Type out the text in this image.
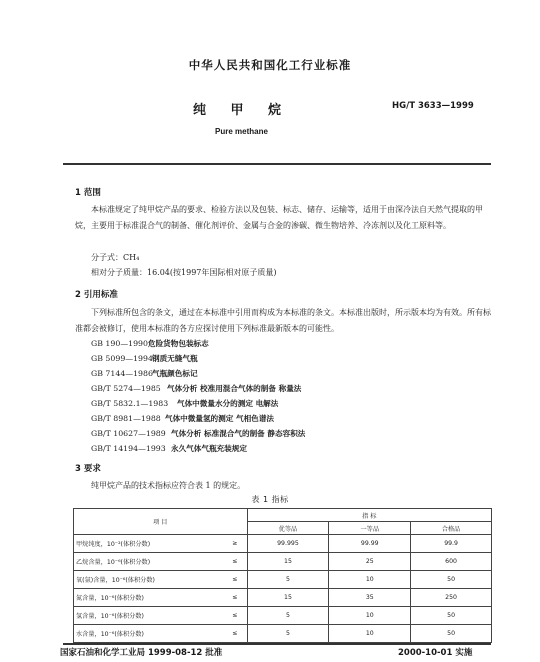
中华人民共和国化工行业标准
纯 甲 烷	HG/T 3633—1999
Pure methane
1 范围
本标准规定了纯甲烷产品的要求、检验方法以及包装、标志、储存、运输等，适用于由深冷法自天然气提取的甲烷，主要用于标准混合气的制备、催化剂评价、金属与合金的渗碳、微生物培养、冷冻剂以及化工原料等。
分子式：CH₄
相对分子质量：16.04(按1997年国际相对原子质量)
2 引用标准
下列标准所包含的条文，通过在本标准中引用而构成为本标准的条文。本标准出版时，所示版本均为有效。所有标准都会被修订，使用本标准的各方应探讨使用下列标准最新版本的可能性。
GB 190—1990危险货物包装标志
GB 5099—1994钢质无缝气瓶
GB 7144—1986气瓶颜色标记
GB/T 5274—1985 气体分析 校准用混合气体的制备 称量法
GB/T 5832.1—1983 气体中微量水分的测定 电解法
GB/T 8981—1988 气体中微量氢的测定 气相色谱法
GB/T 10627—1989 气体分析 标准混合气的制备 静态容积法
GB/T 14194—1993 永久气体气瓶充装规定
3 要求
纯甲烷产品的技术指标应符合表 1 的规定。
表 1 指标
项 目		指 标		
		优等品	一等品	合格品
甲烷纯度，10⁻²(体积分数)	≥	99.995	99.99	99.9
乙烷含量，10⁻⁶(体积分数)	≤	15	25	600
氧(氩)含量，10⁻⁶(体积分数)	≤	5	10	50
氮含量，10⁻⁶(体积分数)	≤	15	35	250
氢含量，10⁻⁶(体积分数)	≤	5	10	50
水含量，10⁻⁶(体积分数)	≤	5	10	50
国家石油和化学工业局 1999-08-12 批准	2000-10-01 实施
